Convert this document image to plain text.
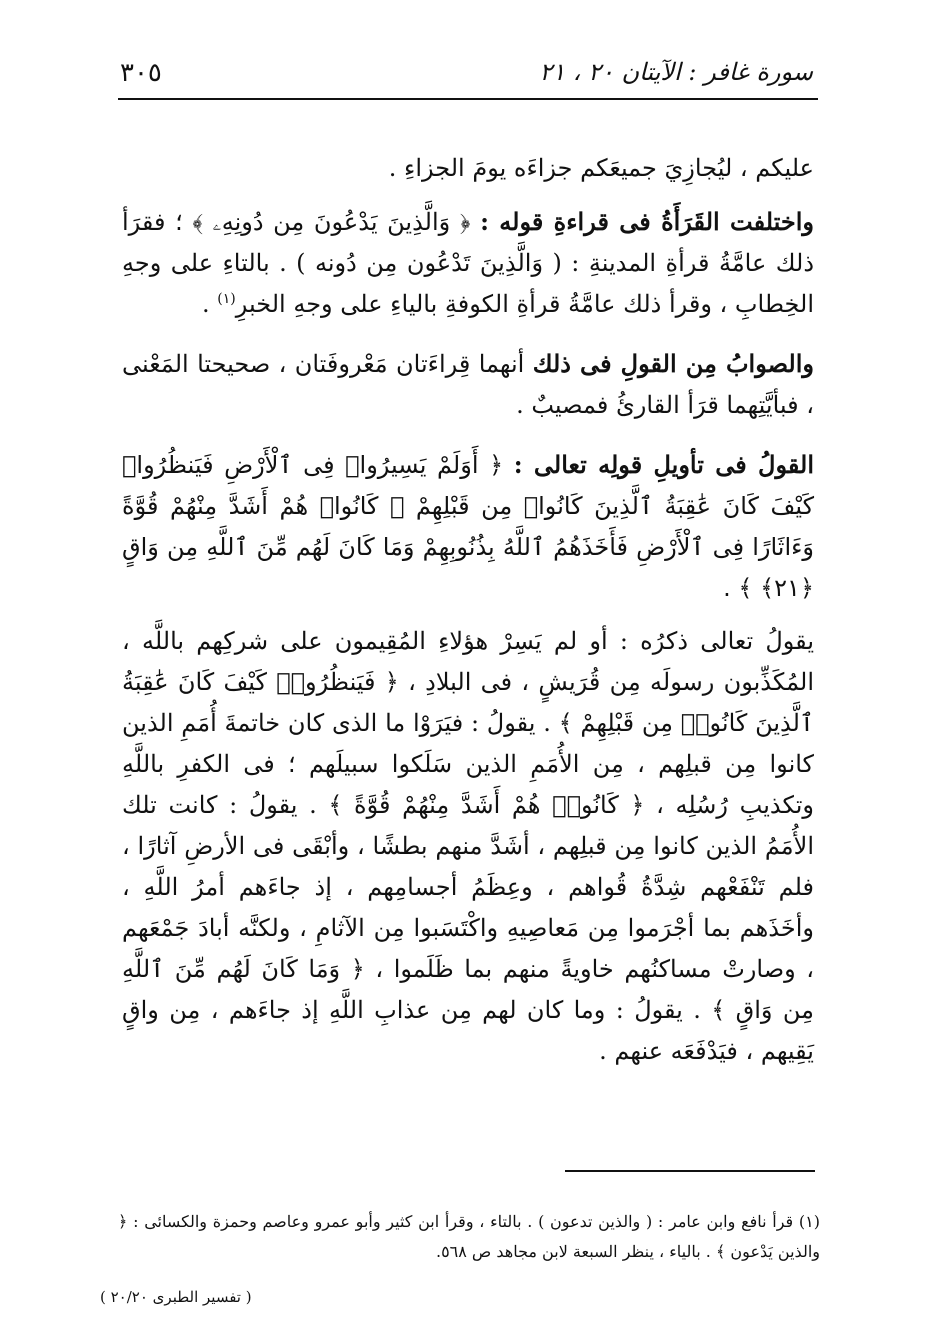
سورة غافر : الآيتان ٢٠ ، ٢١
٣٠٥

عليكم ، ليُجازِيَ جميعَكم جزاءَه يومَ الجزاءِ .

واختلفت القَرَأَةُ فى قراءةِ قوله : ﴿ وَالَّذِينَ يَدْعُونَ مِن دُونِهِۦ ﴾ ؛ فقرَأ ذلك عامَّةُ قرأةِ المدينةِ : ( وَالَّذِينَ تَدْعُون مِن دُونه ) . بالتاءِ على وجهِ الخِطابِ ، وقرأ ذلك عامَّةُ قرأةِ الكوفةِ بالياءِ على وجهِ الخبرِ$^{(١)}$ .

والصوابُ مِن القولِ فى ذلك أنهما قِراءَتان مَعْروفَتان ، صحيحتا المَعْنى ، فبأيَّتِهما قرَأ القارئُ فمصيبٌ .

القولُ فى تأويلِ قولِه تعالى : ﴿ أَوَلَمْ يَسِيرُوا۟ فِى ٱلْأَرْضِ فَيَنظُرُوا۟ كَيْفَ كَانَ عَٰقِبَةُ ٱلَّذِينَ كَانُوا۟ مِن قَبْلِهِمْ ۚ كَانُوا۟ هُمْ أَشَدَّ مِنْهُمْ قُوَّةً وَءَاثَارًا فِى ٱلْأَرْضِ فَأَخَذَهُمُ ٱللَّهُ بِذُنُوبِهِمْ وَمَا كَانَ لَهُم مِّنَ ٱللَّهِ مِن وَاقٍ ﴿٢١﴾ ﴾ .

يقولُ تعالى ذكرُه : أو لم يَسِرْ هؤلاءِ المُقِيمون على شركِهم باللَّه ، المُكَذِّبون رسولَه مِن قُرَيشٍ ، فى البلادِ ، ﴿ فَيَنظُرُوا۟ كَيْفَ كَانَ عَٰقِبَةُ ٱلَّذِينَ كَانُوا۟ مِن قَبْلِهِمْ ﴾ . يقولُ : فيَرَوْا ما الذى كان خاتمةَ أُمَمِ الذين كانوا مِن قبلِهم ، مِن الأُمَمِ الذين سَلَكوا سبيلَهم ؛ فى الكفرِ باللَّهِ وتكذيبِ رُسُلِه ، ﴿ كَانُوا۟ هُمْ أَشَدَّ مِنْهُمْ قُوَّةً ﴾ . يقولُ : كانت تلك الأُمَمُ الذين كانوا مِن قبلِهم ، أشَدَّ منهم بطشًا ، وأبْقَى فى الأرضِ آثارًا ، فلم تَنْفَعْهم شِدَّةُ قُواهم ، وعِظَمُ أجسامِهم ، إذ جاءَهم أمرُ اللَّهِ ، وأخَذَهم بما أجْرَموا مِن مَعاصِيهِ واكْتَسَبوا مِن الآثامِ ، ولكنَّه أبادَ جَمْعَهم ، وصارتْ مساكنُهم خاويةً منهم بما ظَلَموا ، ﴿ وَمَا كَانَ لَهُم مِّنَ ٱللَّهِ مِن وَاقٍ ﴾ . يقولُ : وما كان لهم مِن عذابِ اللَّهِ إذ جاءَهم ، مِن واقٍ يَقِيهم ، فيَدْفَعَه عنهم .

(١) قرأ نافع وابن عامر : ( والذين تدعون ) . بالتاء ، وقرأ ابن كثير وأبو عمرو وعاصم وحمزة والكسائى : ﴿ والذين يَدْعون ﴾ . بالياء ، ينظر السبعة لابن مجاهد ص ٥٦٨.

( تفسير الطبرى ٢٠/٢٠ )
